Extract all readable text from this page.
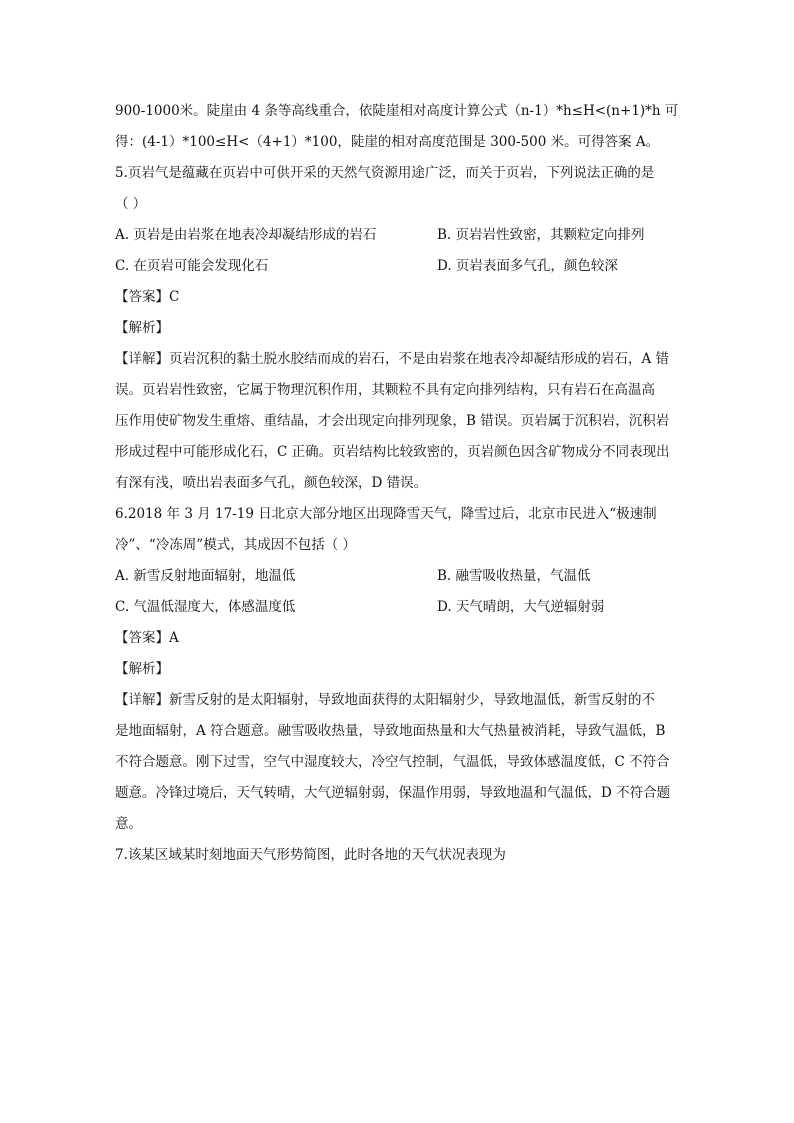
900-1000米。陡崖由 4 条等高线重合，依陡崖相对高度计算公式（n-1）*h≤H<(n+1)*h 可
得：(4-1）*100≤H<（4+1）*100，陡崖的相对高度范围是 300-500 米。可得答案 A。
5.页岩气是蕴藏在页岩中可供开采的天然气资源用途广泛，而关于页岩，下列说法正确的是
（ ）
A. 页岩是由岩浆在地表冷却凝结形成的岩石	B. 页岩岩性致密，其颗粒定向排列
C. 在页岩可能会发现化石	D. 页岩表面多气孔，颜色较深
【答案】C
【解析】
【详解】页岩沉积的黏土脱水胶结而成的岩石，不是由岩浆在地表冷却凝结形成的岩石，A 错
误。页岩岩性致密，它属于物理沉积作用，其颗粒不具有定向排列结构，只有岩石在高温高
压作用使矿物发生重熔、重结晶，才会出现定向排列现象，B 错误。页岩属于沉积岩，沉积岩
形成过程中可能形成化石，C 正确。页岩结构比较致密的，页岩颜色因含矿物成分不同表现出
有深有浅，喷出岩表面多气孔，颜色较深，D 错误。
6.2018 年 3 月 17-19 日北京大部分地区出现降雪天气，降雪过后，北京市民进入“极速制
冷”、“冷冻周”模式，其成因不包括（ ）
A. 新雪反射地面辐射，地温低	B. 融雪吸收热量，气温低
C. 气温低湿度大，体感温度低	D. 天气晴朗，大气逆辐射弱
【答案】A
【解析】
【详解】新雪反射的是太阳辐射，导致地面获得的太阳辐射少，导致地温低，新雪反射的不
是地面辐射，A 符合题意。融雪吸收热量，导致地面热量和大气热量被消耗，导致气温低，B
不符合题意。刚下过雪，空气中湿度较大，冷空气控制，气温低，导致体感温度低，C 不符合
题意。冷锋过境后，天气转晴，大气逆辐射弱，保温作用弱，导致地温和气温低，D 不符合题
意。
7.该某区域某时刻地面天气形势简图，此时各地的天气状况表现为
